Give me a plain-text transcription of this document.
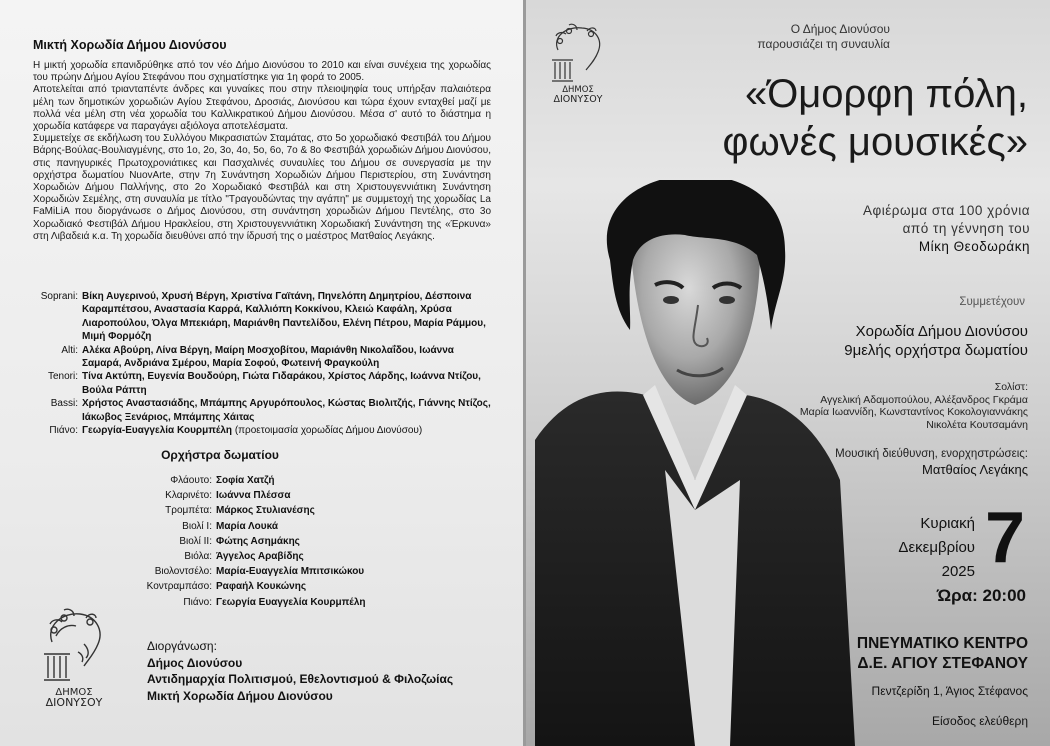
Μικτή Χορωδία Δήμου Διονύσου

Η μικτή χορωδία επανιδρύθηκε από τον νέο Δήμο Διονύσου το 2010 και είναι συνέχεια της χορωδίας του πρώην Δήμου Αγίου Στεφάνου που σχηματίστηκε για 1η φορά το 2005.

Αποτελείται από τριανταπέντε άνδρες και γυναίκες που στην πλειοψηφία τους υπήρξαν παλαιότερα μέλη των δημοτικών χορωδιών Αγίου Στεφάνου, Δροσιάς, Διονύσου και τώρα έχουν ενταχθεί μαζί με πολλά νέα μέλη στη νέα χορωδία του Καλλικρατικού Δήμου Διονύσου. Μέσα σ' αυτό το διάστημα η χορωδία κατάφερε να παραγάγει αξιόλογα αποτελέσματα.

Συμμετείχε σε εκδήλωση του Συλλόγου Μικρασιατών Σταμάτας, στο 5ο χορωδιακό Φεστιβάλ του Δήμου Βάρης-Βούλας-Βουλιαγμένης, στο 1ο, 2ο, 3ο, 4ο, 5ο, 6ο, 7ο & 8ο Φεστιβάλ χορωδιών Δήμου Διονύσου, στις πανηγυρικές Πρωτοχρονιάτικες και Πασχαλινές συναυλίες του Δήμου σε συνεργασία με την ορχήστρα δωματίου NuovArte, στην 7η Συνάντηση Χορωδιών Δήμου Περιστερίου, στη Συνάντηση Χορωδιών Δήμου Παλλήνης, στο 2ο Χορωδιακό Φεστιβάλ και στη Χριστουγεννιάτικη Συνάντηση Χορωδιών Σεμέλης, στη συναυλία με τίτλο "Τραγουδώντας την αγάπη" με συμμετοχή της χορωδίας La FaMiLiA που διοργάνωσε ο Δήμος Διονύσου, στη συνάντηση χορωδιών Δήμου Πεντέλης, στο 3ο Χορωδιακό Φεστιβάλ Δήμου Ηρακλείου, στη Χριστουγεννιάτικη Χορωδιακή Συνάντηση της «Έρκυνα» στη Λιβαδειά κ.α. Τη χορωδία διευθύνει από την ίδρυσή της ο μαέστρος Ματθαίος Λεγάκης.

Soprani: Βίκη Αυγερινού, Χρυσή Βέργη, Χριστίνα Γαϊτάνη, Πηνελόπη Δημητρίου, Δέσποινα Καραμπέτσου, Αναστασία Καρρά, Καλλιόπη Κοκκίνου, Κλειώ Καφάλη, Χρύσα Λιαροπούλου, Όλγα Μπεκιάρη, Μαριάνθη Παντελίδου, Ελένη Πέτρου, Μαρία Ράμμου, Μιμή Φορμόζη
Alti: Αλέκα Αβούρη, Λίνα Βέργη, Μαίρη Μοσχοβίτου, Μαριάνθη Νικολαΐδου, Ιωάννα Σαμαρά, Ανδριάνα Σμέρου, Μαρία Σοφού, Φωτεινή Φραγκούλη
Tenori: Τίνα Ακτύπη, Ευγενία Βουδούρη, Γιώτα Γιδαράκου, Χρίστος Λάρδης, Ιωάννα Ντίζου, Βούλα Ράπτη
Bassi: Χρήστος Αναστασιάδης, Μπάμπης Αργυρόπουλος, Κώστας Βιολιτζής, Γιάννης Ντίζος, Ιάκωβος Ξενάριος, Μπάμπης Χάιτας
Πιάνο: Γεωργία-Ευαγγελία Κουρμπέλη (προετοιμασία χορωδίας Δήμου Διονύσου)
Ορχήστρα δωματίου
Φλάουτο: Σοφία Χατζή
Κλαρινέτο: Ιωάννα Πλέσσα
Τρομπέτα: Μάρκος Στυλιανέσης
Βιολί Ι: Μαρία Λουκά
Βιολί ΙΙ: Φώτης Ασημάκης
Βιόλα: Άγγελος Αραβίδης
Βιολοντσέλο: Μαρία-Ευαγγελία Μπιτσικώκου
Κοντραμπάσο: Ραφαήλ Κουκώνης
Πιάνο: Γεωργία Ευαγγελία Κουρμπέλη
ΔΗΜΟΣ
ΔΙΟΝΥΣΟΥ
Διοργάνωση:
Δήμος Διονύσου
Αντιδημαρχία Πολιτισμού, Εθελοντισμού & Φιλοζωίας
Μικτή Χορωδία Δήμου Διονύσου
ΔΗΜΟΣ
ΔΙΟΝΥΣΟΥ
Ο Δήμος Διονύσου
παρουσιάζει τη συναυλία
«Όμορφη πόλη,
φωνές μουσικές»
Αφιέρωμα στα 100 χρόνια
από τη γέννηση του
Μίκη Θεοδωράκη
Συμμετέχουν
Χορωδία Δήμου Διονύσου
9μελής ορχήστρα δωματίου
Σολίστ:
Αγγελική Αδαμοπούλου, Αλέξανδρος Γκράμα
Μαρία Ιωαννίδη, Κωνσταντίνος Κοκολογιαννάκης
Νικολέτα Κουτσαμάνη
Μουσική διεύθυνση, ενορχηστρώσεις:
Ματθαίος Λεγάκης
Κυριακή
Δεκεμβρίου
2025 7
Ώρα: 20:00
ΠΝΕΥΜΑΤΙΚΟ ΚΕΝΤΡΟ
Δ.Ε. ΑΓΙΟΥ ΣΤΕΦΑΝΟΥ
Πεντζερίδη 1, Άγιος Στέφανος
Είσοδος ελεύθερη
